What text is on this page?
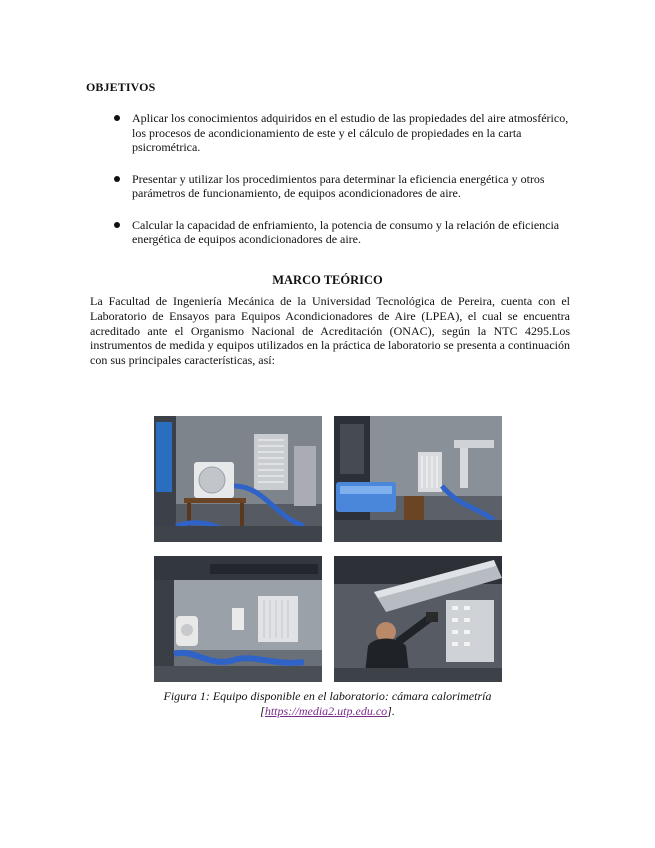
OBJETIVOS
Aplicar los conocimientos adquiridos en el estudio de las propiedades del aire atmosférico, los procesos de acondicionamiento de este y el cálculo de propiedades en la carta psicrométrica.
Presentar y utilizar los procedimientos para determinar la eficiencia energética y otros parámetros de funcionamiento, de equipos acondicionadores de aire.
Calcular la capacidad de enfriamiento, la potencia de consumo y la relación de eficiencia energética de equipos acondicionadores de aire.
MARCO TEÓRICO
La Facultad de Ingeniería Mecánica de la Universidad Tecnológica de Pereira, cuenta con el Laboratorio de Ensayos para Equipos Acondicionadores de Aire (LPEA), el cual se encuentra acreditado ante el Organismo Nacional de Acreditación (ONAC), según la NTC 4295.Los instrumentos de medida y equipos utilizados en la práctica de laboratorio se presenta a continuación con sus principales características, así:
Figura 1: Equipo disponible en el laboratorio: cámara calorimetría
[https://media2.utp.edu.co].
